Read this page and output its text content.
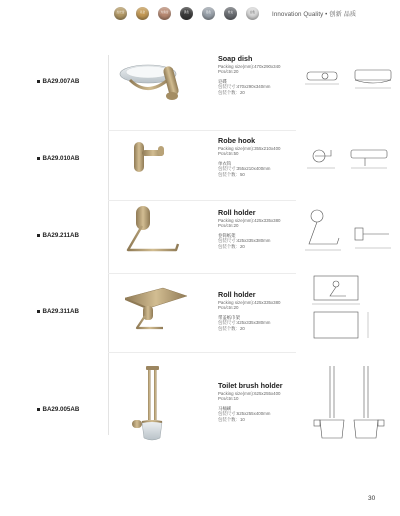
拉丝金	亮金	玫瑰金	黑色	铬色	枪灰	白色	Innovation Quality • 创新 品质
BA29.007AB
BA29.010AB
BA29.211AB
BA29.311AB
BA29.005AB
Soap dish
Packing size(mm):470x290x340
Pcs/ctn:20
皂碟
包装尺寸:470x290x340mm
包装个数：20
Robe hook
Packing size(mm):355x210x400
Pcs/ctn:50
单衣钩
包装尺寸:355x210x400mm
包装个数：50
Roll holder
Packing size(mm):425x335x380
Pcs/ctn:20
卷筒纸架
包装尺寸:425x335x380mm
包装个数：20
Roll holder
Packing size(mm):425x335x380
Pcs/ctn:20
带盖纸巾架
包装尺寸:425x335x380mm
包装个数：20
Toilet brush holder
Packing size(mm):625x255x400
Pcs/ctn:10
马桶刷
包装尺寸:625x255x400mm
包装个数：10
30
